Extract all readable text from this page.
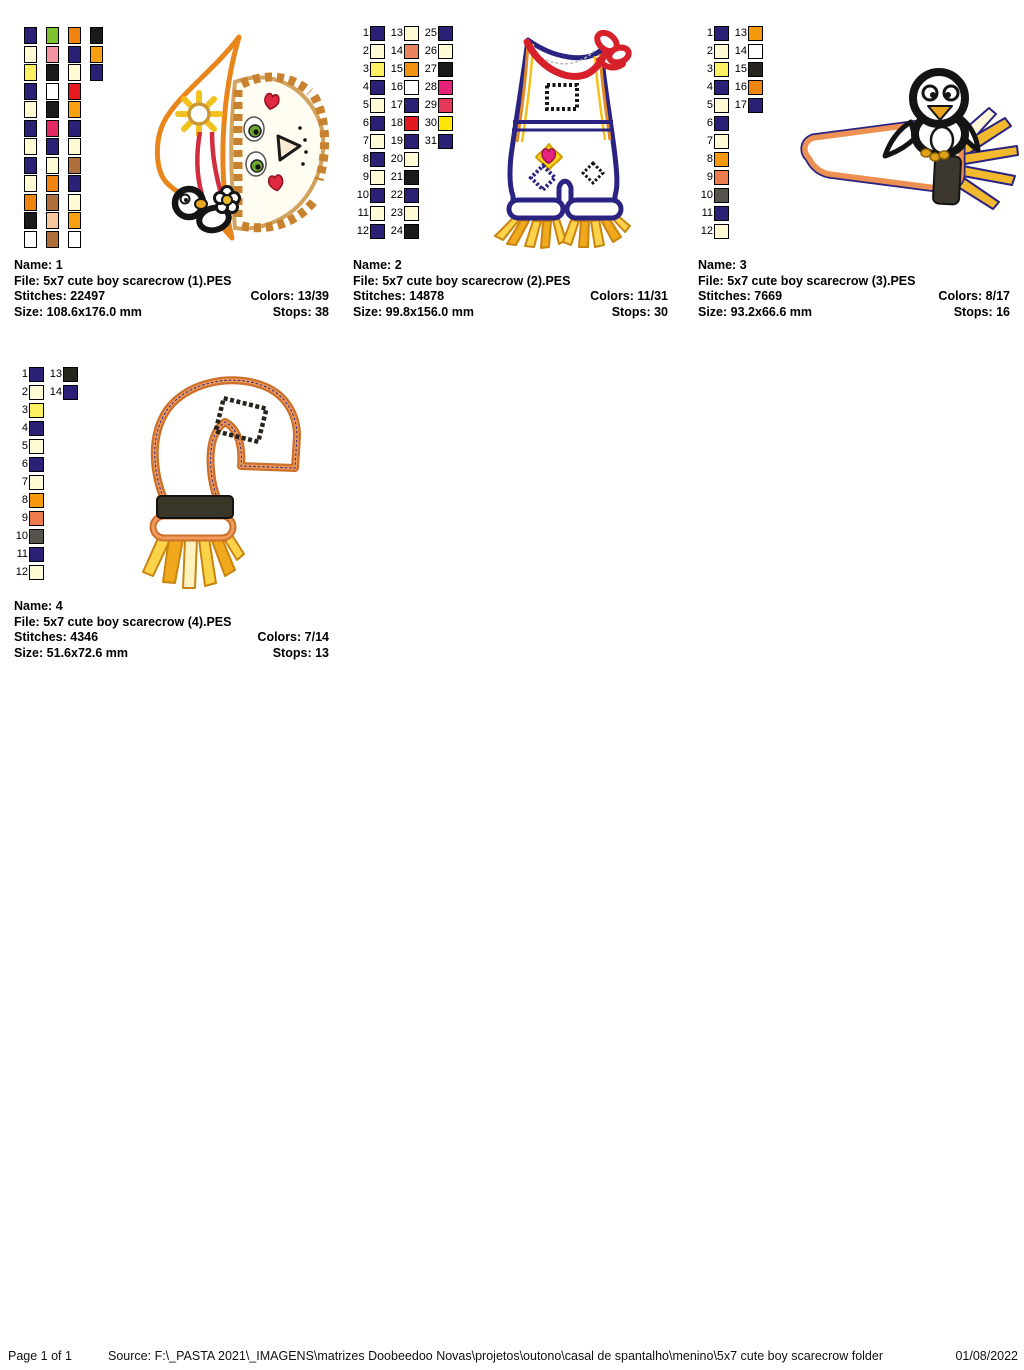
Name: 1
File: 5x7 cute boy scarecrow (1).PES
Stitches: 22497	Colors: 13/39
Size: 108.6x176.0 mm	Stops: 38
1
2
3
4
5
6
7
8
9
10
11
12
13
14
15
16
17
18
19
20
21
22
23
24
25
26
27
28
29
30
31
Name: 2
File: 5x7 cute boy scarecrow (2).PES
Stitches: 14878	Colors: 11/31
Size: 99.8x156.0 mm	Stops: 30
1
2
3
4
5
6
7
8
9
10
11
12
13
14
15
16
17
Name: 3
File: 5x7 cute boy scarecrow (3).PES
Stitches: 7669	Colors: 8/17
Size: 93.2x66.6 mm	Stops: 16
1
2
3
4
5
6
7
8
9
10
11
12
13
14
Name: 4
File: 5x7 cute boy scarecrow (4).PES
Stitches: 4346	Colors: 7/14
Size: 51.6x72.6 mm	Stops: 13
Page 1 of 1	Source: F:\_PASTA 2021\_IMAGENS\matrizes Doobeedoo Novas\projetos\outono\casal de spantalho\menino\5x7 cute boy scarecrow folder	01/08/2022
